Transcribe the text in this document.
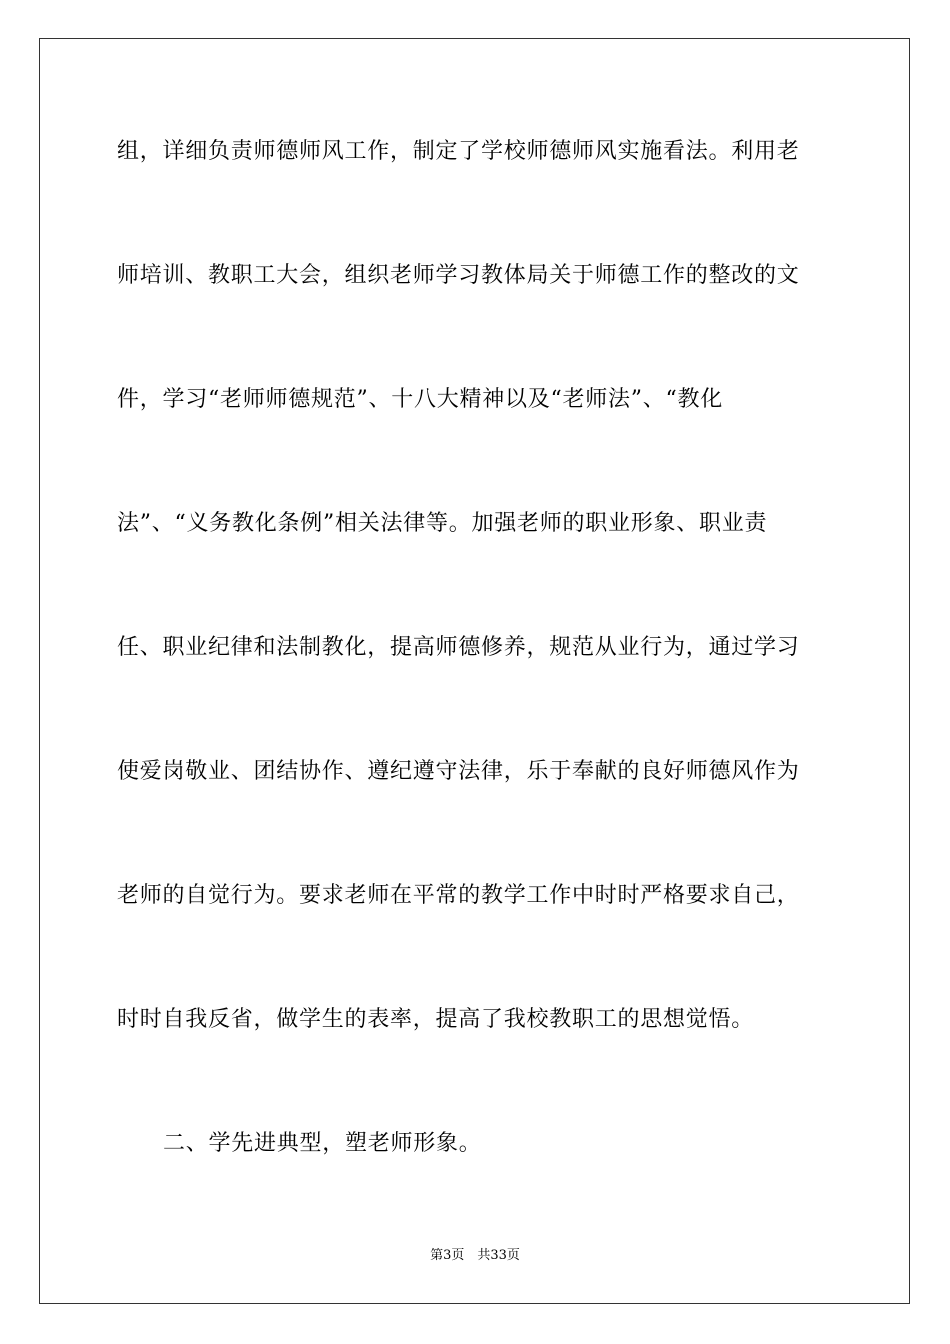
组，详细负责师德师风工作，制定了学校师德师风实施看法。利用老
师培训、教职工大会，组织老师学习教体局关于师德工作的整改的文
件，学习“老师师德规范”、十八大精神以及“老师法”、“教化
法”、“义务教化条例”相关法律等。加强老师的职业形象、职业责
任、职业纪律和法制教化，提高师德修养，规范从业行为，通过学习
使爱岗敬业、团结协作、遵纪遵守法律，乐于奉献的良好师德风作为
老师的自觉行为。要求老师在平常的教学工作中时时严格要求自己，
时时自我反省，做学生的表率，提高了我校教职工的思想觉悟。
二、学先进典型，塑老师形象。
第3页　共33页
